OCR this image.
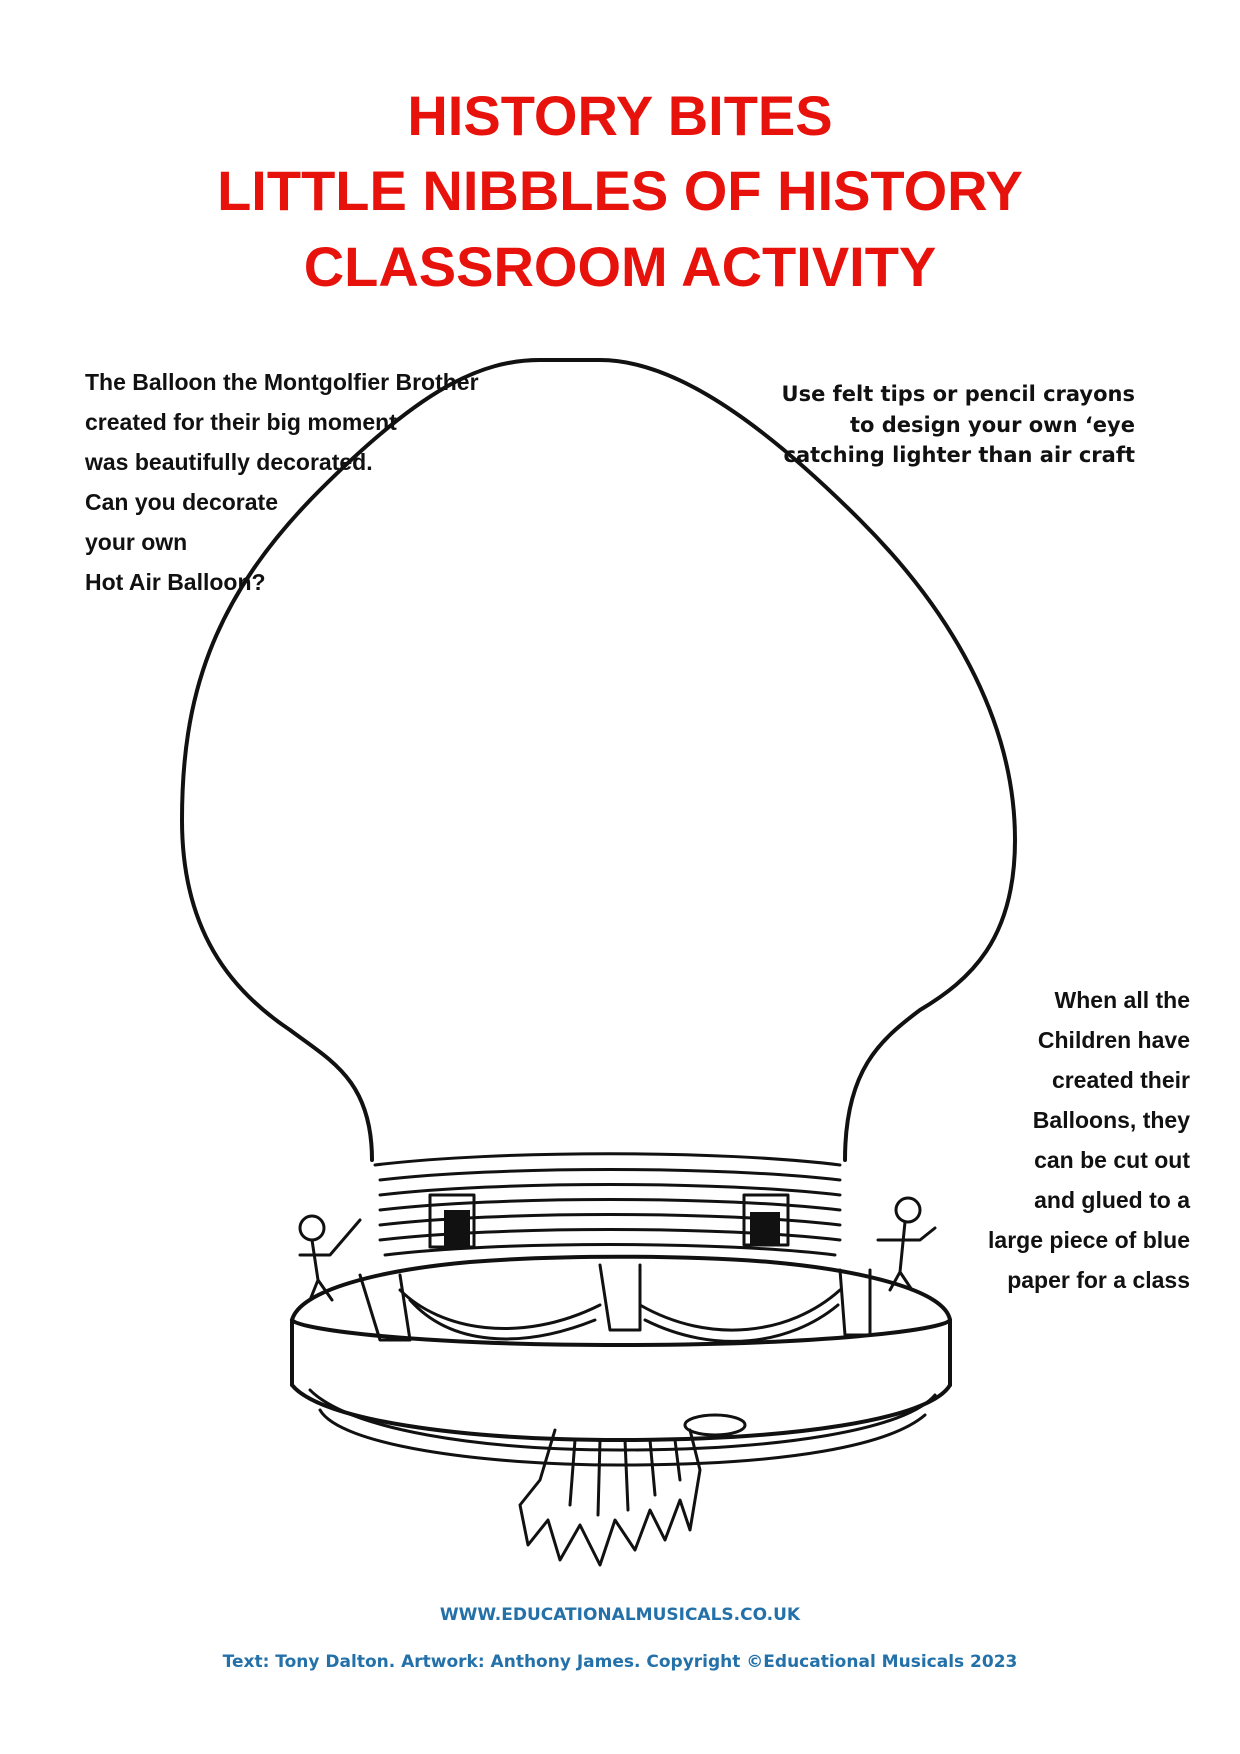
HISTORY BITES
LITTLE NIBBLES OF HISTORY
CLASSROOM ACTIVITY
The Balloon the Montgolfier Brother
created for their big moment
was beautifully decorated.
Can you decorate
your own
Hot Air Balloon?
Use felt tips or pencil crayons
to design your own ‘eye
catching lighter than air craft
When all the
Children have
created their
Balloons, they
can be cut out
and glued to a
large piece of blue
paper for a class

WWW.EDUCATIONALMUSICALS.CO.UK

Text: Tony Dalton. Artwork: Anthony James. Copyright ©Educational Musicals 2023
